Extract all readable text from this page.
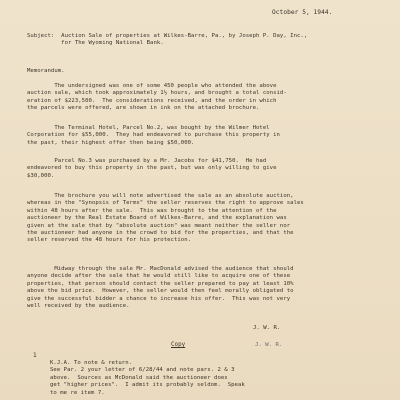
October 5, 1944.
Subject:  Auction Sale of properties at Wilkes-Barre, Pa., by Joseph P. Day, Inc.,
for The Wyoming National Bank.
Memorandum.
The undersigned was one of some 450 people who attended the above
auction sale, which took approximately 1½ hours, and brought a total consid-
eration of $223,500.  The considerations received, and the order in which
the parcels were offered, are shown in ink on the attached brochure.
The Terminal Hotel, Parcel No.2, was bought by the Wilmer Hotel
Corporation for $55,000.  They had endeavored to purchase this property in
the past, their highest offer then being $50,000.
Parcel No.3 was purchased by a Mr. Jacobs for $41,750.  He had
endeavored to buy this property in the past, but was only willing to give
$30,000.
The brochure you will note advertised the sale as an absolute auction,
whereas in the "Synopsis of Terms" the seller reserves the right to approve sales
within 48 hours after the sale.  This was brought to the attention of the
auctioneer by the Real Estate Board of Wilkes-Barre, and the explanation was
given at the sale that by "absolute auction" was meant neither the seller nor
the auctioneer had anyone in the crowd to bid for the properties, and that the
seller reserved the 48 hours for his protection.
Midway through the sale Mr. MacDonald advised the audience that should
anyone decide after the sale that he would still like to acquire one of these
properties, that person should contact the seller prepared to pay at least 10%
above the bid price.  However, the seller would then feel morally obligated to
give the successful bidder a chance to increase his offer.  This was not very
well received by the audience.
J. W. R.
Copy	J. W. R.
1
K.J.A. To note & return.
See Par. 2 your letter of 6/28/44 and note pars. 2 & 3
above.  Sources as McDonald said the auctioneer does
get "higher prices".  I admit its probably seldom.  Speak
to me re item 7.
